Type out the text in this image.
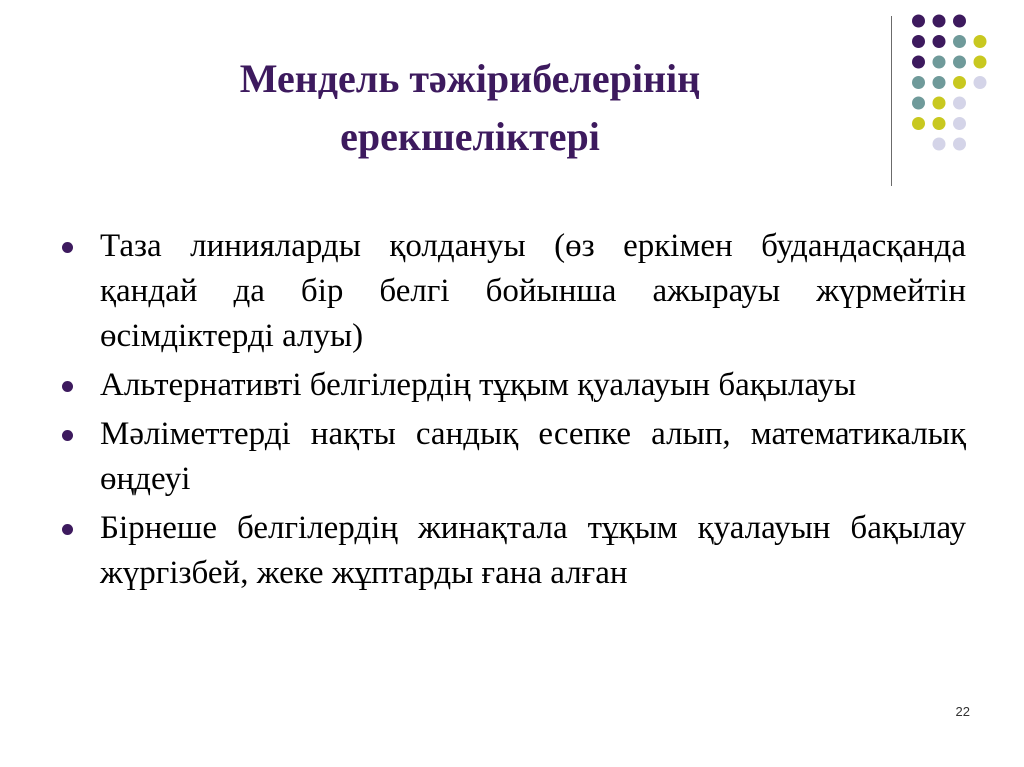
Мендель тәжірибелерінің
ерекшеліктері
Таза линияларды қолдануы (өз еркімен будандасқанда қандай да бір белгі бойынша ажырауы жүрмейтін өсімдіктерді алуы)
Альтернативті белгілердің тұқым қуалауын бақылауы
Мәліметтерді нақты сандық есепке алып, математикалық өңдеуі
Бірнеше белгілердің жинақтала тұқым қуалауын бақылау жүргізбей, жеке жұптарды ғана алған
22
